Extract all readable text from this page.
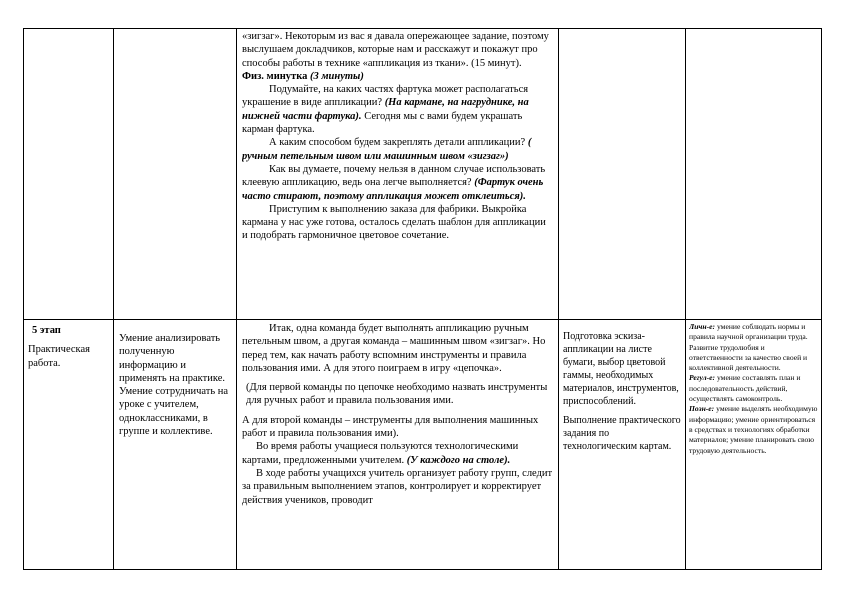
«зигзаг». Некоторым из вас я давала опережающее задание, поэтому выслушаем докладчиков, которые нам и расскажут и покажут про способы работы в технике «аппликация из ткани». (15 минут).

Физ. минутка (3 минуты)

Подумайте, на каких частях фартука может располагаться украшение в виде аппликации? (На кармане, на нагруднике, на нижней части фартука). Сегодня мы с вами будем украшать карман фартука.

А каким способом будем закреплять детали аппликации? ( ручным петельным швом или машинным швом «зигзаг»)

Как вы думаете, почему нельзя в данном случае использовать клеевую аппликацию, ведь она легче выполняется? (Фартук очень часто стирают, поэтому аппликация может отклеиться).

Приступим к выполнению заказа для фабрики. Выкройка кармана у нас уже готова, осталось сделать шаблон для аппликации и подобрать гармоничное цветовое сочетание.

5 этап

Практическая работа.

Умение анализировать полученную информацию и применять на практике. Умение сотрудничать на уроке с учителем, одноклассниками, в группе и коллективе.

Итак, одна команда будет выполнять аппликацию ручным петельным швом, а другая команда – машинным швом «зигзаг». Но перед тем, как начать работу вспомним инструменты и правила пользования ими. А для этого поиграем в игру «цепочка».

(Для первой команды по цепочке необходимо назвать инструменты для ручных работ и правила пользования ими.

А для второй команды – инструменты для выполнения машинных работ и правила пользования ими).

Во время работы учащиеся пользуются технологическими картами, предложенными учителем. (У каждого на столе).

В ходе работы учащихся учитель организует работу групп, следит за правильным выполнением этапов, контролирует и корректирует действия учеников, проводит

Подготовка эскиза-аппликации на листе бумаги, выбор цветовой гаммы, необходимых материалов, инструментов, приспособлений.

Выполнение практического задания по технологическим картам.

Личн-е: умение соблюдать нормы и правила научной организации труда. Развитие трудолюбия и ответственности за качество своей и коллективной деятельности.

Регул-е: умение составлять план и последовательность действий, осуществлять самоконтроль.

Позн-е: умение выделять необходимую информацию; умение ориентироваться в средствах и технологиях обработки материалов; умение планировать свою трудовую деятельность.
